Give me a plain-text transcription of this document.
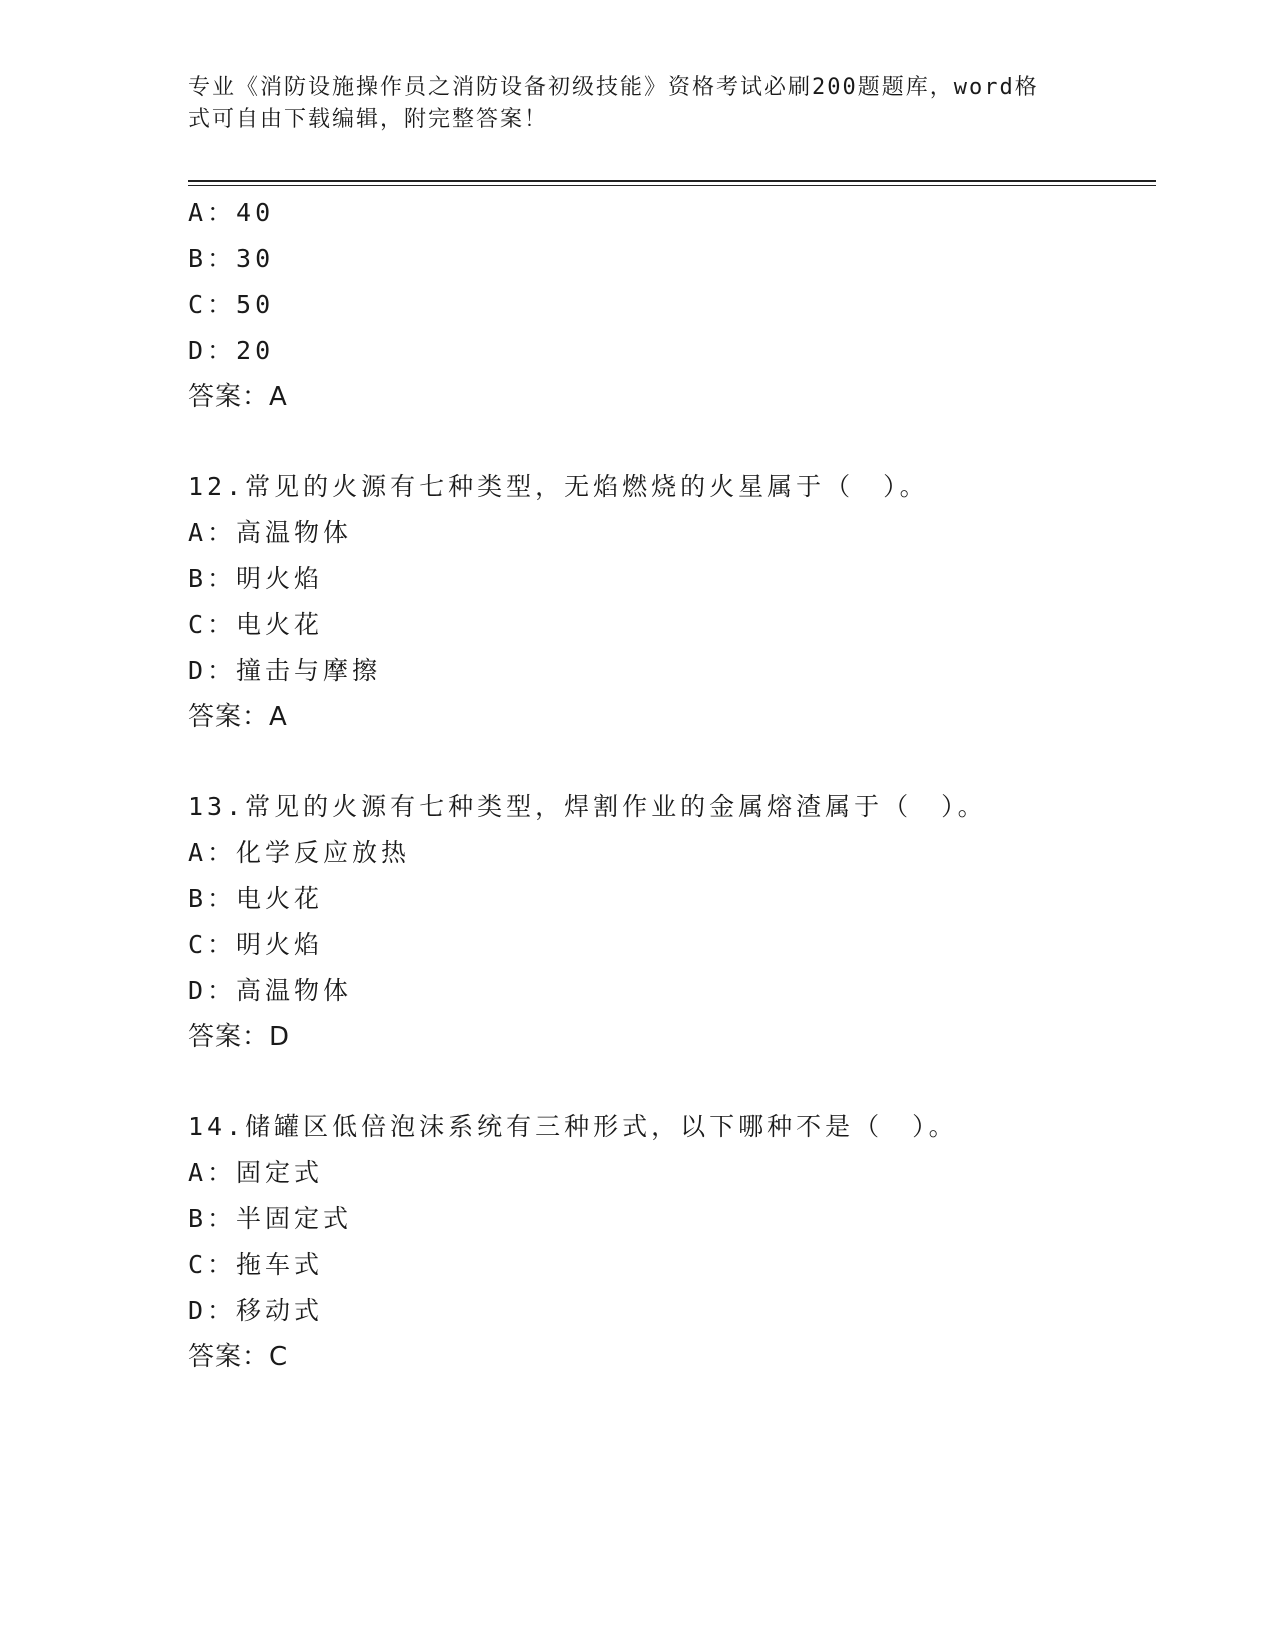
专业《消防设施操作员之消防设备初级技能》资格考试必刷200题题库，word格
式可自由下载编辑，附完整答案！
A：40
B：30
C：50
D：20
答案：A
12.常见的火源有七种类型，无焰燃烧的火星属于（　）。
A：高温物体
B：明火焰
C：电火花
D：撞击与摩擦
答案：A
13.常见的火源有七种类型，焊割作业的金属熔渣属于（　）。
A：化学反应放热
B：电火花
C：明火焰
D：高温物体
答案：D
14.储罐区低倍泡沫系统有三种形式，以下哪种不是（　）。
A：固定式
B：半固定式
C：拖车式
D：移动式
答案：C
